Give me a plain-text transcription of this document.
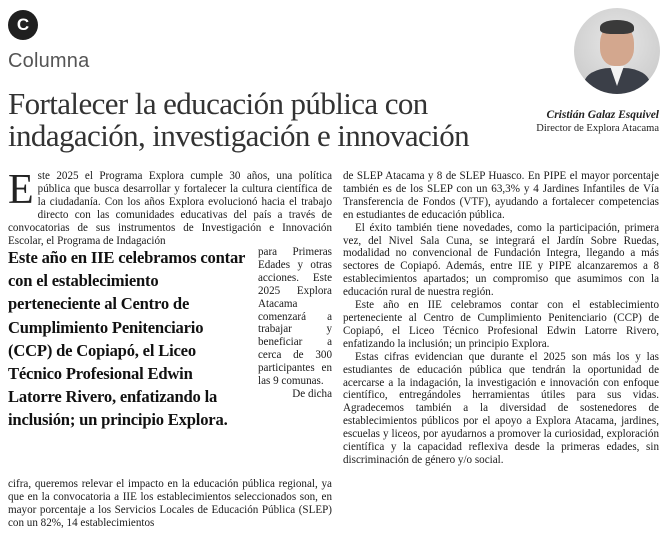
C
Columna
Fortalecer la educación pública con indagación, investigación e innovación
Cristián Galaz Esquivel
Director de Explora Atacama

E ste 2025 el Programa Explora cumple 30 años, una política pública que busca desarrollar y fortalecer la cultura científica de la ciudadanía. Con los años Explora evolucionó hacia el trabajo directo con las comunidades educativas del país a través de convocatorias de sus instrumentos de Investigación e Innovación Escolar, el Programa de Indagación

Este año en IIE celebramos contar con el establecimiento perteneciente al Centro de Cumplimiento Penitenciario (CCP) de Copiapó, el Liceo Técnico Profesional Edwin Latorre Rivero, enfatizando la inclusión; un principio Explora.

para Primeras Edades y otras acciones. Este 2025 Explora Atacama comenzará a trabajar y beneficiar a cerca de 300 participantes en las 9 comunas.

De dicha

cifra, queremos relevar el impacto en la educación pública regional, ya que en la convocatoria a IIE los establecimientos seleccionados son, en mayor porcentaje a los Servicios Locales de Educación Pública (SLEP) con un 82%, 14 establecimientos

de SLEP Atacama y 8 de SLEP Huasco. En PIPE el mayor porcentaje también es de los SLEP con un 63,3% y 4 Jardines Infantiles de Vía Transferencia de Fondos (VTF), ayudando a fortalecer competencias en estudiantes de educación pública.

El éxito también tiene novedades, como la participación, primera vez, del Nivel Sala Cuna, se integrará el Jardín Sobre Ruedas, modalidad no convencional de Fundación Integra, llegando a más sectores de Copiapó. Además, entre IIE y PIPE alcanzaremos a 8 establecimientos apartados; un compromiso que asumimos con la educación rural de nuestra región.

Este año en IIE celebramos contar con el establecimiento perteneciente al Centro de Cumplimiento Penitenciario (CCP) de Copiapó, el Liceo Técnico Profesional Edwin Latorre Rivero, enfatizando la inclusión; un principio Explora.

Estas cifras evidencian que durante el 2025 son más los y las estudiantes de educación pública que tendrán la oportunidad de acercarse a la indagación, la investigación e innovación con enfoque científico, entregándoles herramientas útiles para sus vidas. Agradecemos también a la diversidad de sostenedores de establecimientos públicos por el apoyo a Explora Atacama, jardines, escuelas y liceos, por ayudarnos a promover la curiosidad, exploración científica y la capacidad reflexiva desde la primeras edades, sin discriminación de género y/o social.
